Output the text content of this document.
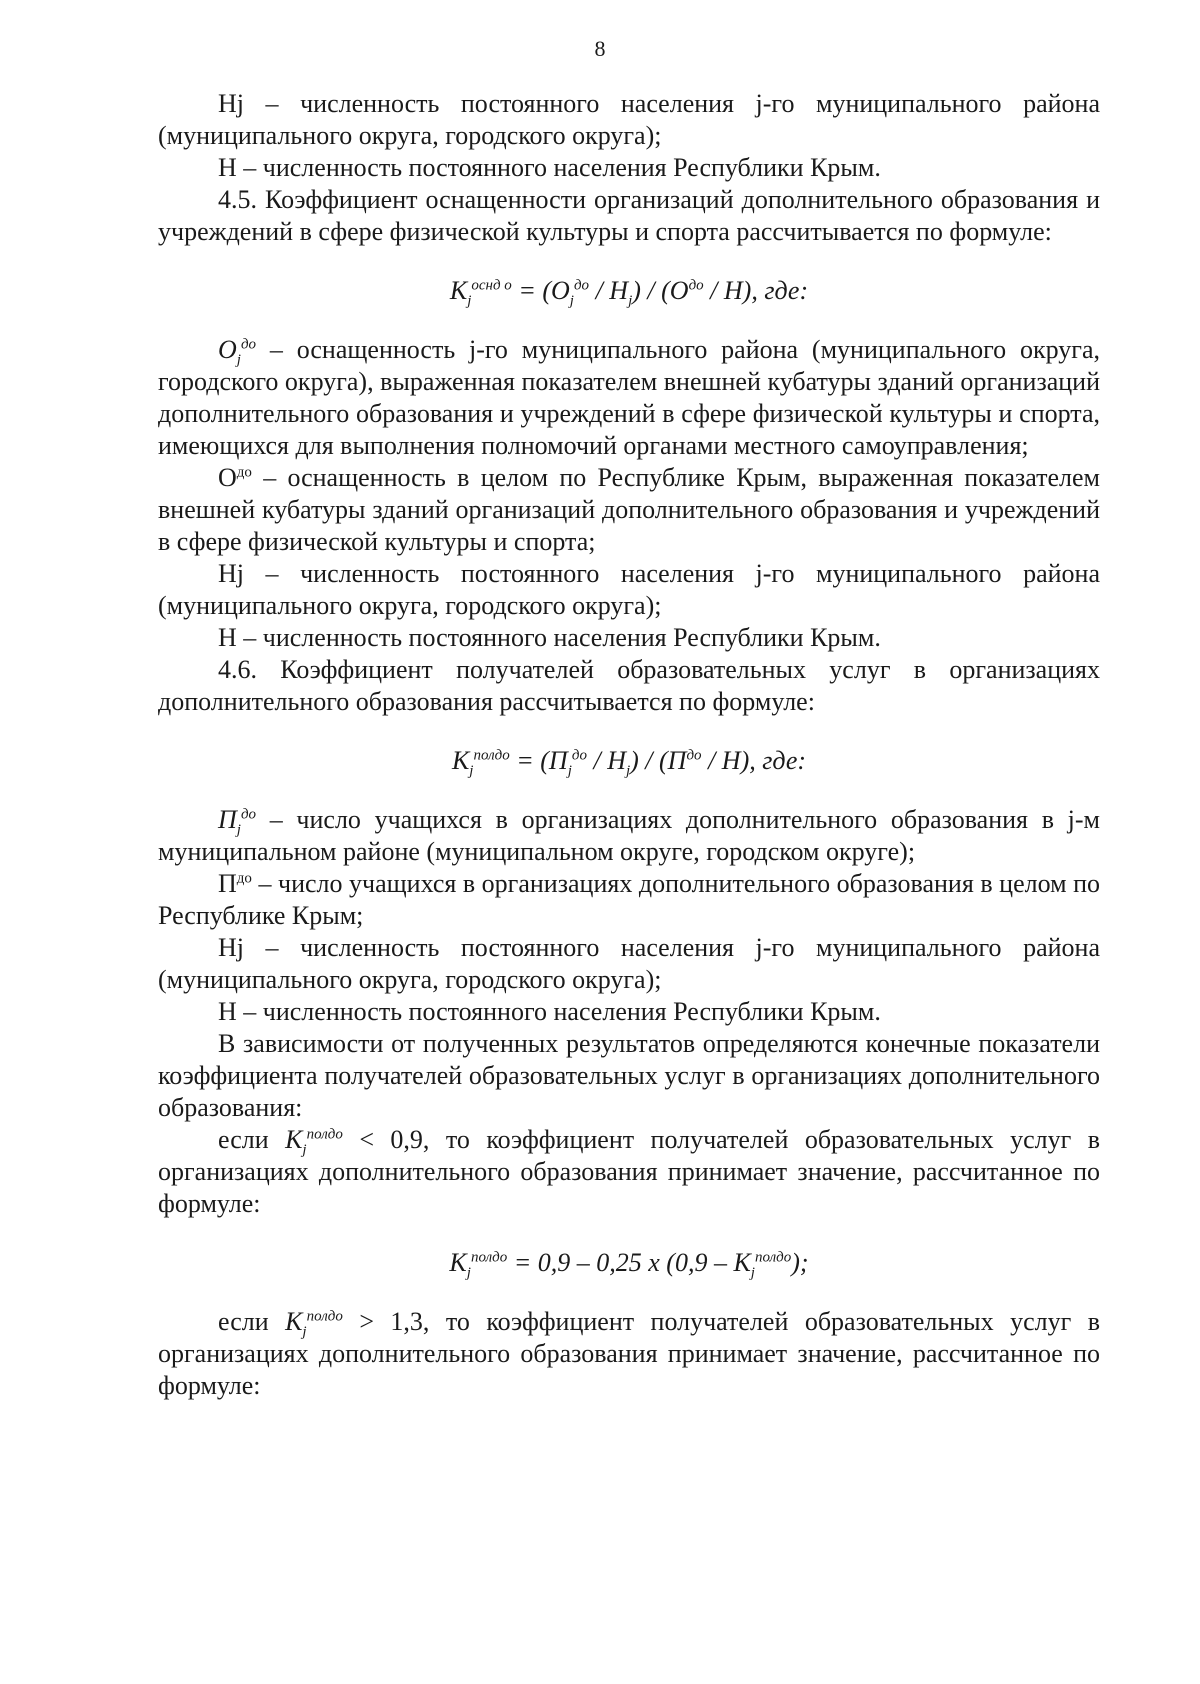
8

Hj – численность постоянного населения j-го муниципального района (муниципального округа, городского округа);

Н – численность постоянного населения Республики Крым.

4.5. Коэффициент оснащенности организаций дополнительного образования и учреждений в сфере физической культуры и спорта рассчитывается по формуле:

$K_j^{оснд о} = (O_j^{до} / H_j) / (O^{до} / H)$, где:

$O_j^{до}$ – оснащенность j-го муниципального района (муниципального округа, городского округа), выраженная показателем внешней кубатуры зданий организаций дополнительного образования и учреждений в сфере физической культуры и спорта, имеющихся для выполнения полномочий органами местного самоуправления;

$O^{до}$ – оснащенность в целом по Республике Крым, выраженная показателем внешней кубатуры зданий организаций дополнительного образования и учреждений в сфере физической культуры и спорта;

Hj – численность постоянного населения j-го муниципального района (муниципального округа, городского округа);

Н – численность постоянного населения Республики Крым.

4.6. Коэффициент получателей образовательных услуг в организациях дополнительного образования рассчитывается по формуле:

$K_j^{полдо} = (П_j^{до} / H_j) / (П^{до} / H)$, где:

$П_j^{до}$ – число учащихся в организациях дополнительного образования в j-м муниципальном районе (муниципальном округе, городском округе);

$П^{до}$ – число учащихся в организациях дополнительного образования в целом по Республике Крым;

Hj – численность постоянного населения j-го муниципального района (муниципального округа, городского округа);

Н – численность постоянного населения Республики Крым.

В зависимости от полученных результатов определяются конечные показатели коэффициента получателей образовательных услуг в организациях дополнительного образования:

если $K_j^{полдо} < 0,9$, то коэффициент получателей образовательных услуг в организациях дополнительного образования принимает значение, рассчитанное по формуле:

$K_j^{полдо} = 0,9 - 0,25$ х $(0,9 - K_j^{полдо})$;

если $K_j^{полдо} > 1,3$, то коэффициент получателей образовательных услуг в организациях дополнительного образования принимает значение, рассчитанное по формуле:
